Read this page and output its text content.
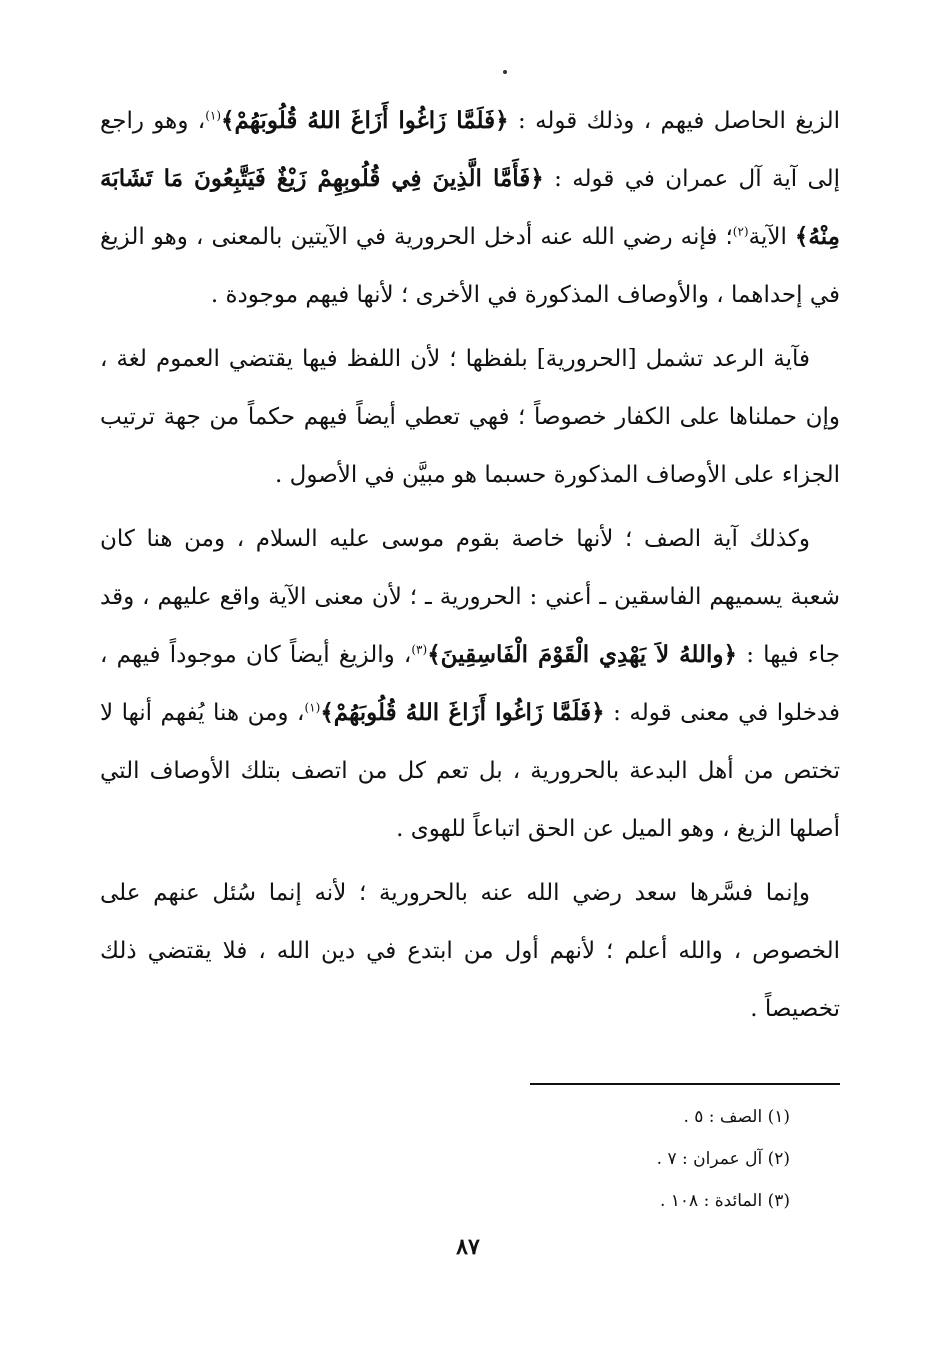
الزيغ الحاصل فيهم ، وذلك قوله : ﴿فَلَمَّا زَاغُوا أَزَاغَ اللهُ قُلُوبَهُمْ﴾$^{(١)}$، وهو راجع إلى آية آل عمران في قوله : ﴿فَأَمَّا الَّذِينَ فِي قُلُوبِهِمْ زَيْغٌ فَيَتَّبِعُونَ مَا تَشَابَهَ مِنْهُ﴾ الآية$^{(٢)}$؛ فإنه رضي الله عنه أدخل الحرورية في الآيتين بالمعنى ، وهو الزيغ في إحداهما ، والأوصاف المذكورة في الأخرى ؛ لأنها فيهم موجودة .

فآية الرعد تشمل [الحرورية] بلفظها ؛ لأن اللفظ فيها يقتضي العموم لغة ، وإن حملناها على الكفار خصوصاً ؛ فهي تعطي أيضاً فيهم حكماً من جهة ترتيب الجزاء على الأوصاف المذكورة حسبما هو مبيَّن في الأصول .

وكذلك آية الصف ؛ لأنها خاصة بقوم موسى عليه السلام ، ومن هنا كان شعبة يسميهم الفاسقين ـ أعني : الحرورية ـ ؛ لأن معنى الآية واقع عليهم ، وقد جاء فيها : ﴿واللهُ لاَ يَهْدِي الْقَوْمَ الْفَاسِقِينَ﴾$^{(٣)}$، والزيغ أيضاً كان موجوداً فيهم ، فدخلوا في معنى قوله : ﴿فَلَمَّا زَاغُوا أَزَاغَ اللهُ قُلُوبَهُمْ﴾$^{(١)}$، ومن هنا يُفهم أنها لا تختص من أهل البدعة بالحرورية ، بل تعم كل من اتصف بتلك الأوصاف التي أصلها الزيغ ، وهو الميل عن الحق اتباعاً للهوى .

وإنما فسَّرها سعد رضي الله عنه بالحرورية ؛ لأنه إنما سُئل عنهم على الخصوص ، والله أعلم ؛ لأنهم أول من ابتدع في دين الله ، فلا يقتضي ذلك تخصيصاً .

(١) الصف : ٥ .

(٢) آل عمران : ٧ .

(٣) المائدة : ١٠٨ .

٨٧
